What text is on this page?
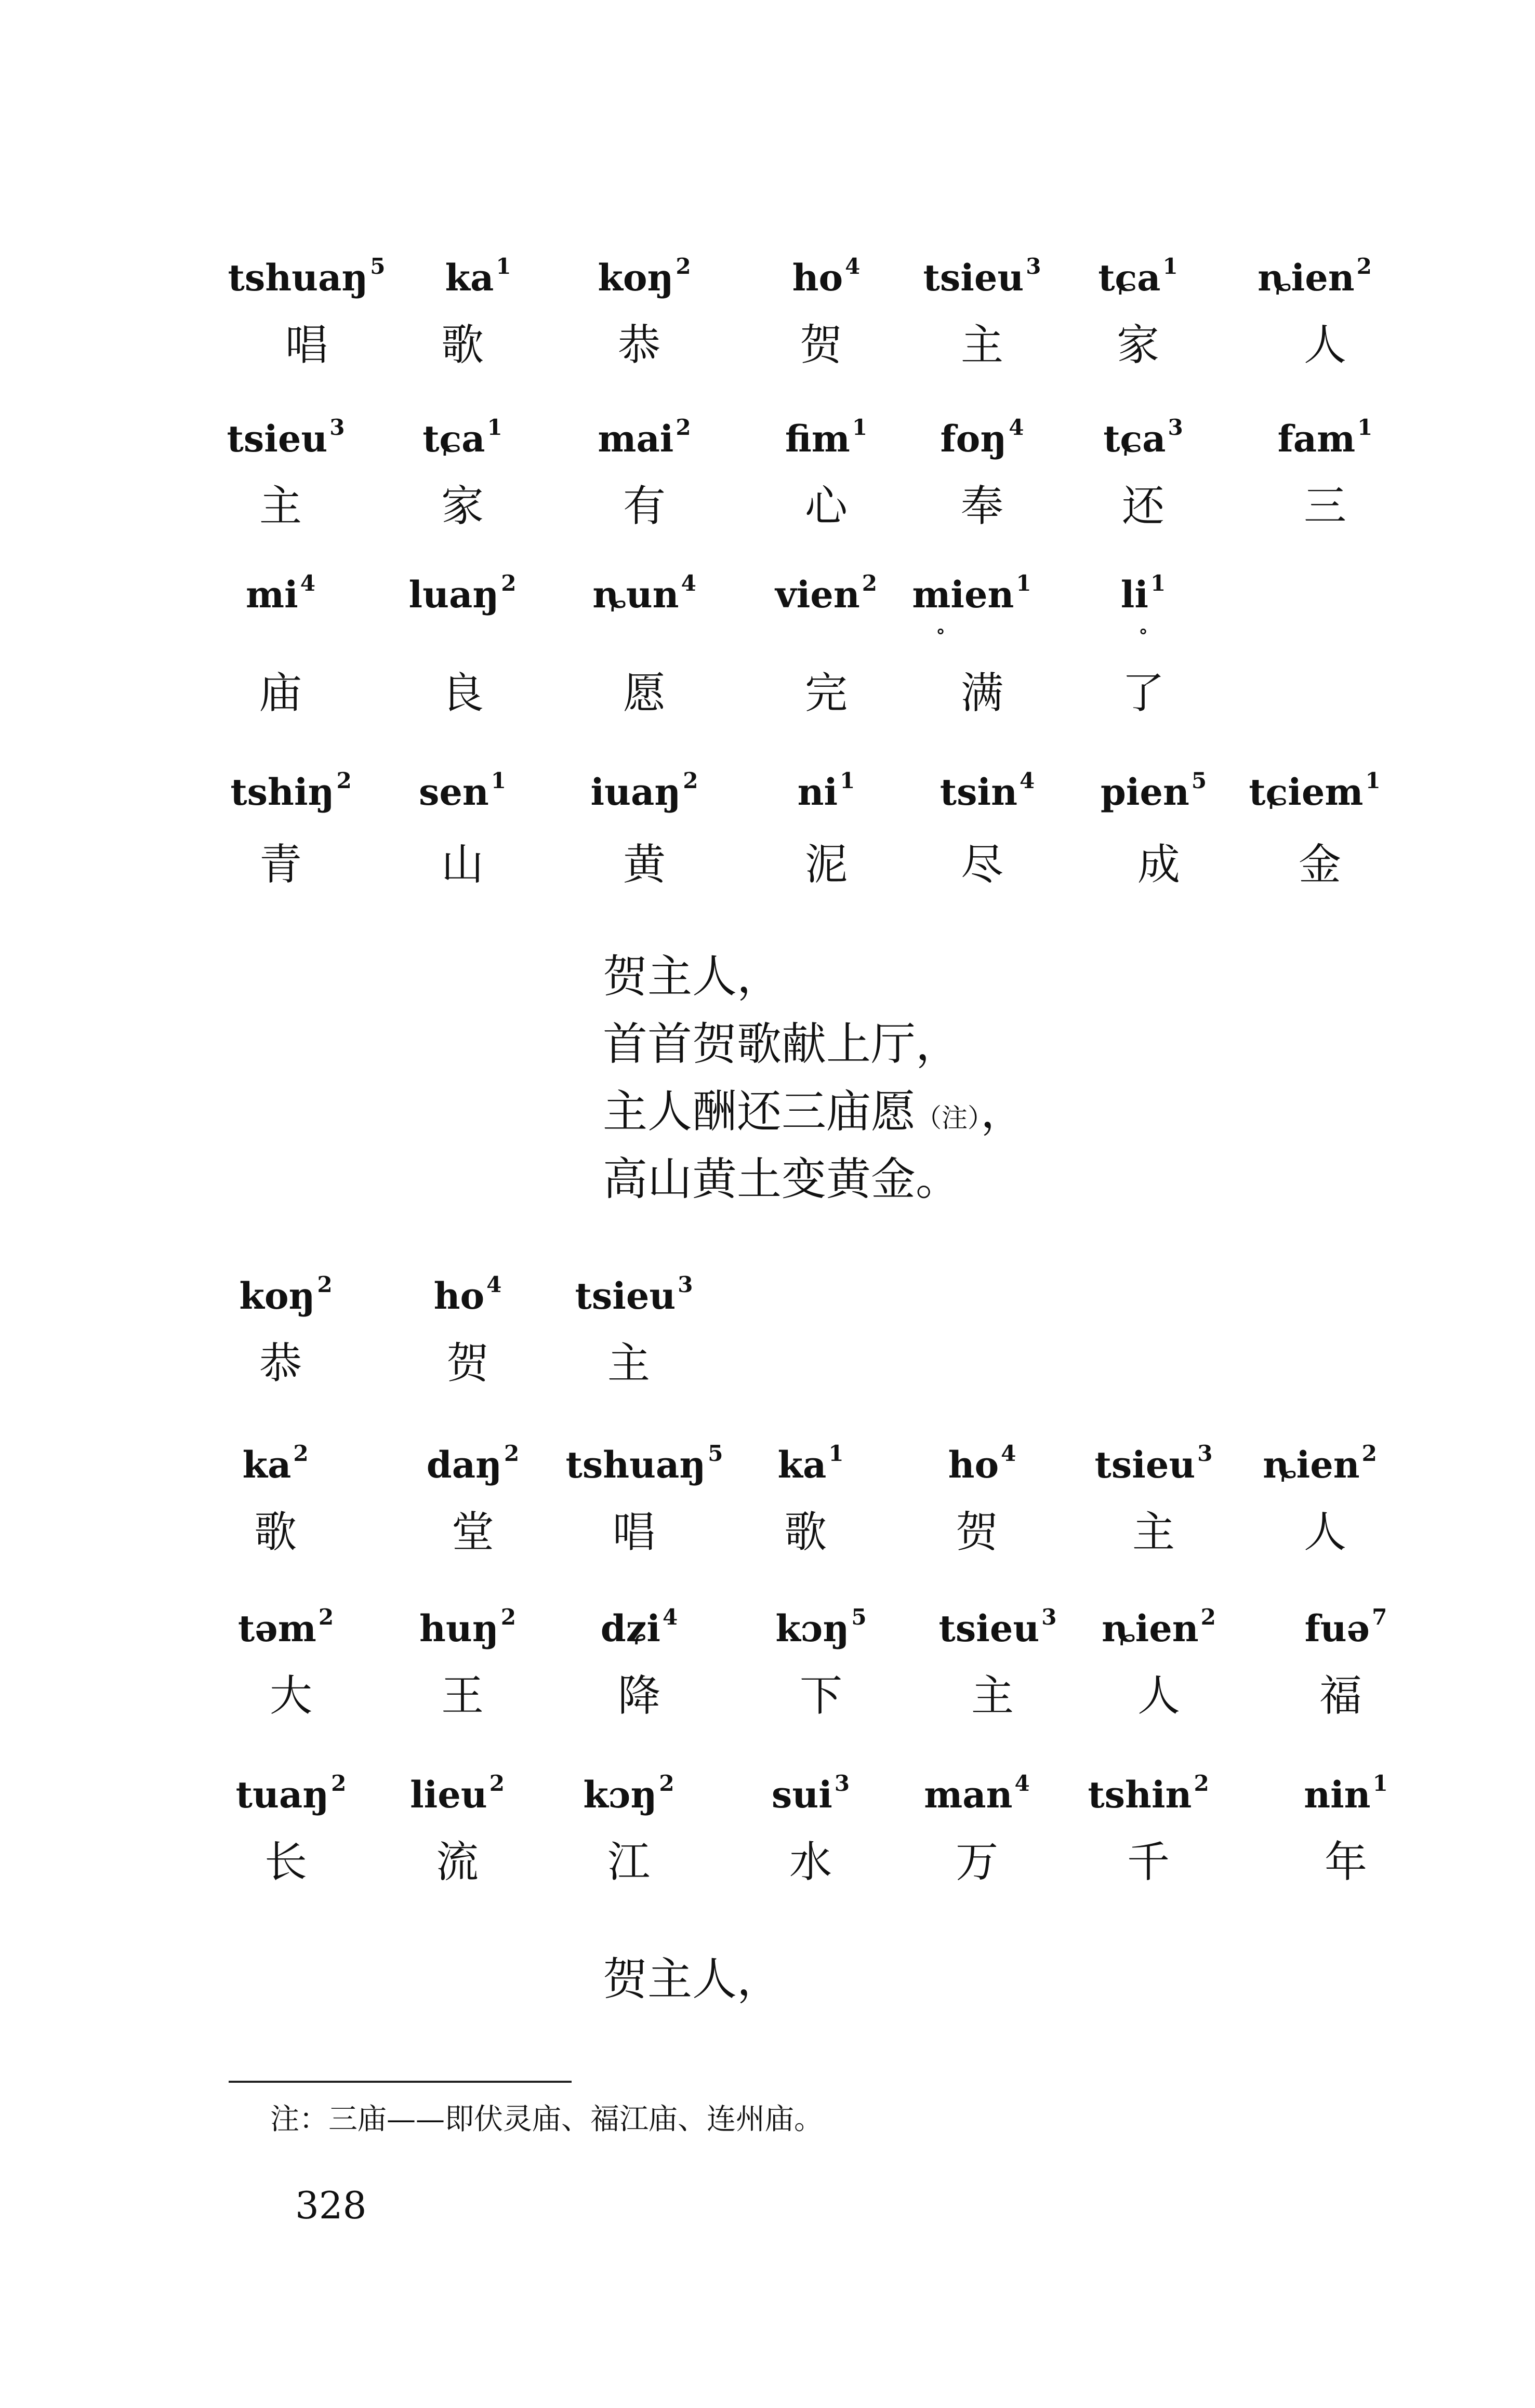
tshuaŋ$^5$
唱
$ka^1$
歌
koŋ$^2$
恭
$ho^4$
贺
tsieu$^3$
主
tɕa$^1$
家
ȵien$^2$
人
tsieu$^3$
主
tɕa$^1$
家
mai$^2$
有
fim$^1$
心
foŋ$^4$
奉
tɕa$^3$
还
fam$^1$
三
$mi^4$
庙
luaŋ$^2$
良
ȵun$^4$
愿
vien$^2$
完
mien$^1$
∘
满
$li^1$
∘
了
tshiŋ$^2$
青
sen$^1$
山
iuaŋ$^2$
黄
$ni^1$
泥
tsin$^4$
尽
pien$^5$
成
tɕiem$^1$
金
贺主人，
首首贺歌献上厅，
主人酬还三庙愿（注），
高山黄土变黄金。
koŋ$^2$
恭
$ho^4$
贺
tsieu$^3$
主
$ka^2$
歌
daŋ$^2$
堂
tshuaŋ$^5$
唱
$ka^1$
歌
$ho^4$
贺
tsieu$^3$
主
ȵien$^2$
人
təm$^2$
大
huŋ$^2$
王
dʑi$^4$
降
kɔŋ$^5$
下
tsieu$^3$
主
ȵien$^2$
人
fuə$^7$
福
tuaŋ$^2$
长
lieu$^2$
流
kɔŋ$^2$
江
sui$^3$
水
man$^4$
万
tshin$^2$
千
nin$^1$
年
贺主人，
注：三庙——即伏灵庙、福江庙、连州庙。
328
